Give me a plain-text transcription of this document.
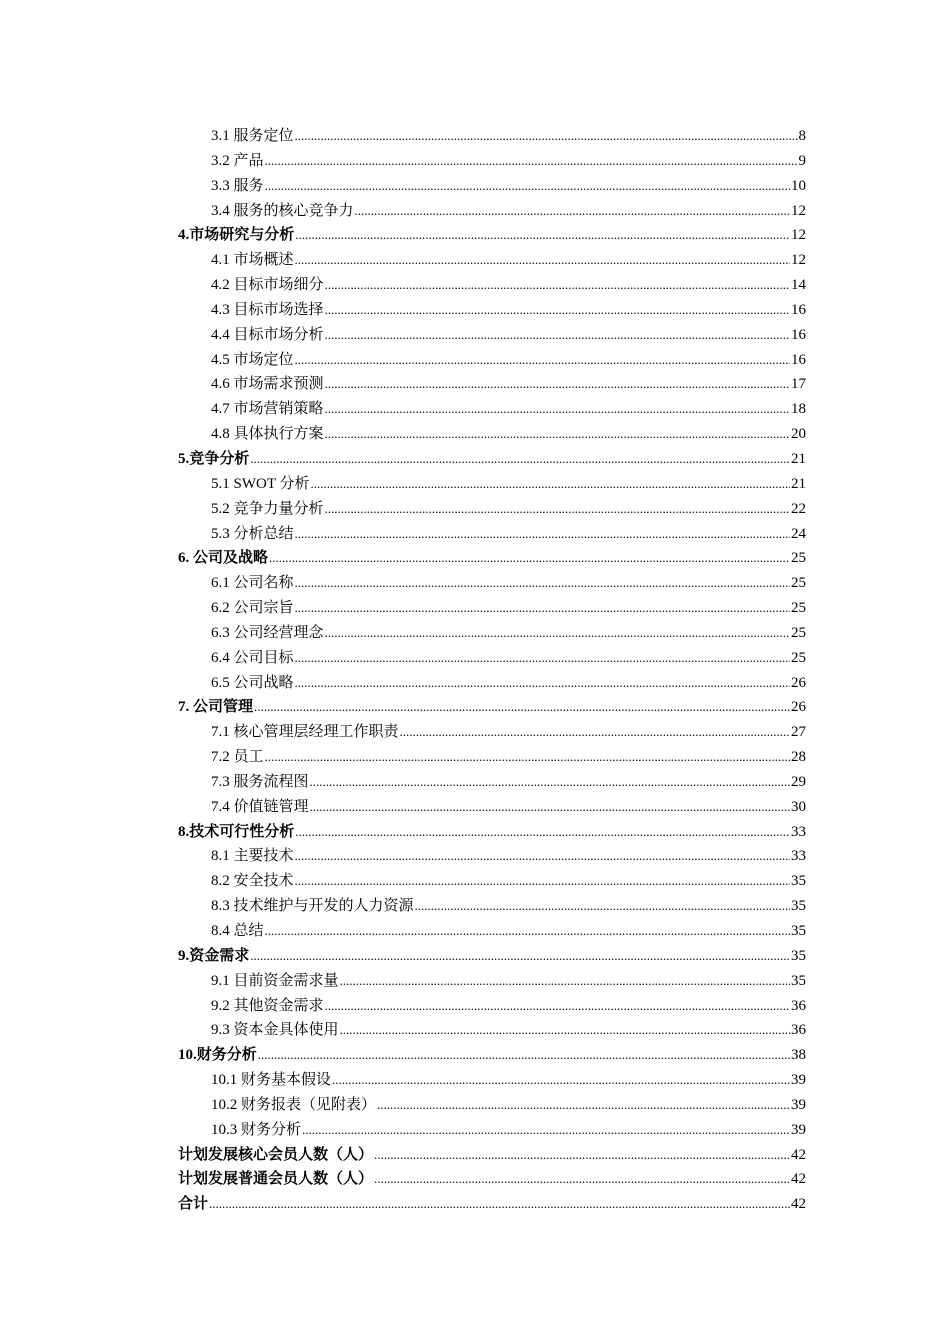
3.1 服务定位 .....	8
3.2 产品 .....	9
3.3 服务 .....	10
3.4 服务的核心竞争力 .....	12
4.市场研究与分析 .....	12
4.1 市场概述 .....	12
4.2 目标市场细分 .....	14
4.3 目标市场选择 .....	16
4.4 目标市场分析 .....	16
4.5 市场定位 .....	16
4.6 市场需求预测 .....	17
4.7 市场营销策略 .....	18
4.8 具体执行方案 .....	20
5.竞争分析 .....	21
5.1 SWOT 分析 .....	21
5.2 竞争力量分析 .....	22
5.3 分析总结 .....	24
6. 公司及战略 .....	25
6.1 公司名称 .....	25
6.2 公司宗旨 .....	25
6.3 公司经营理念 .....	25
6.4 公司目标 .....	25
6.5 公司战略 .....	26
7. 公司管理 .....	26
7.1 核心管理层经理工作职责 .....	27
7.2 员工 .....	28
7.3 服务流程图 .....	29
7.4 价值链管理 .....	30
8.技术可行性分析 .....	33
8.1 主要技术 .....	33
8.2 安全技术 .....	35
8.3 技术维护与开发的人力资源 .....	35
8.4 总结 .....	35
9.资金需求 .....	35
9.1 目前资金需求量 .....	35
9.2 其他资金需求 .....	36
9.3 资本金具体使用 .....	36
10.财务分析 .....	38
10.1 财务基本假设 .....	39
10.2 财务报表（见附表） .....	39
10.3 财务分析 .....	39
计划发展核心会员人数（人） .....	42
计划发展普通会员人数（人） .....	42
合计 .....	42
